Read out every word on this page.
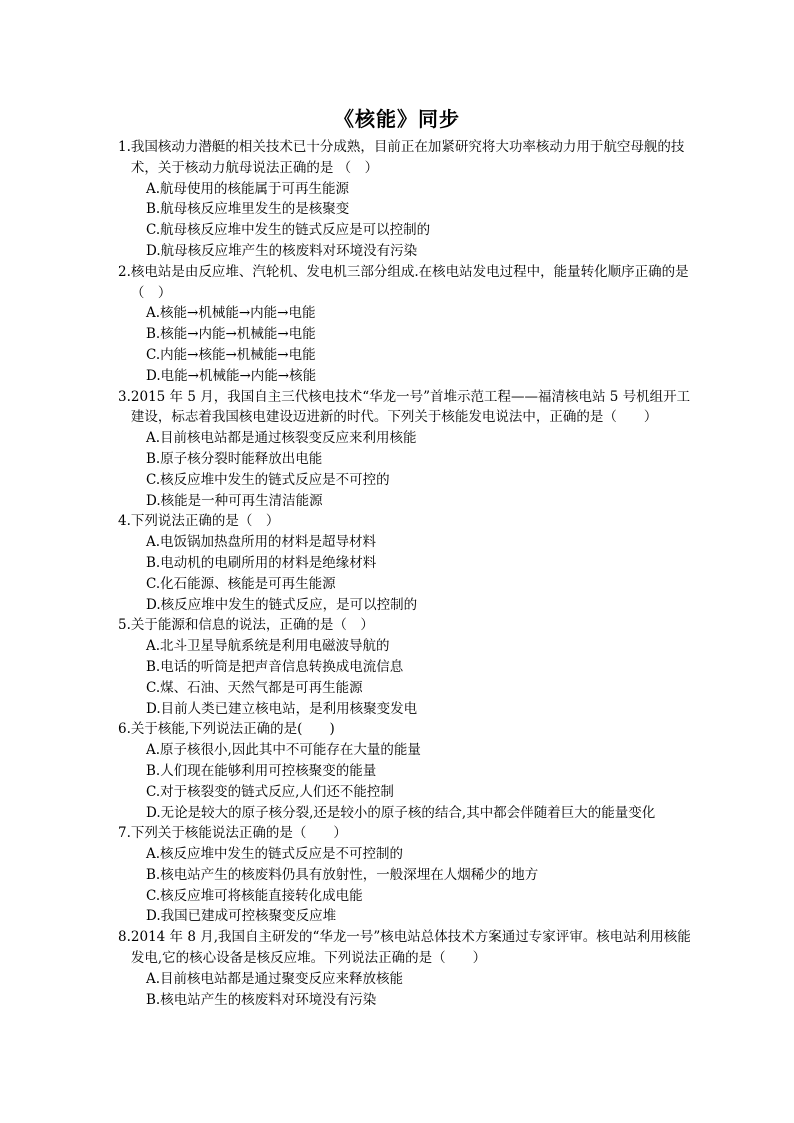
《核能》同步
1. 我国核动力潜艇的相关技术已十分成熟，目前正在加紧研究将大功率核动力用于航空母舰的技术，关于核动力航母说法正确的是 （　）
A.航母使用的核能属于可再生能源
B.航母核反应堆里发生的是核聚变
C.航母核反应堆中发生的链式反应是可以控制的
D.航母核反应堆产生的核废料对环境没有污染
2. 核电站是由反应堆、汽轮机、发电机三部分组成.在核电站发电过程中，能量转化顺序正确的是（　）
A.核能→机械能→内能→电能
B.核能→内能→机械能→电能
C.内能→核能→机械能→电能
D.电能→机械能→内能→核能
3. 2015 年 5 月，我国自主三代核电技术“华龙一号”首堆示范工程——福清核电站 5 号机组开工建设，标志着我国核电建设迈进新的时代。下列关于核能发电说法中，正确的是（　　）
A.目前核电站都是通过核裂变反应来利用核能
B.原子核分裂时能释放出电能
C.核反应堆中发生的链式反应是不可控的
D.核能是一种可再生清洁能源
4. 下列说法正确的是（　）
A.电饭锅加热盘所用的材料是超导材料
B.电动机的电刷所用的材料是绝缘材料
C.化石能源、核能是可再生能源
D.核反应堆中发生的链式反应，是可以控制的
5. 关于能源和信息的说法，正确的是（　）
A.北斗卫星导航系统是利用电磁波导航的
B.电话的听筒是把声音信息转换成电流信息
C.煤、石油、天然气都是可再生能源
D.目前人类已建立核电站，是利用核聚变发电
6. 关于核能,下列说法正确的是(　　)
A.原子核很小,因此其中不可能存在大量的能量
B.人们现在能够利用可控核聚变的能量
C.对于核裂变的链式反应,人们还不能控制
D.无论是较大的原子核分裂,还是较小的原子核的结合,其中都会伴随着巨大的能量变化
7. 下列关于核能说法正确的是（　　）
A.核反应堆中发生的链式反应是不可控制的
B.核电站产生的核废料仍具有放射性，一般深埋在人烟稀少的地方
C.核反应堆可将核能直接转化成电能
D.我国已建成可控核聚变反应堆
8. 2014 年 8 月,我国自主研发的“华龙一号”核电站总体技术方案通过专家评审。核电站利用核能发电,它的核心设备是核反应堆。下列说法正确的是（　　）
A.目前核电站都是通过聚变反应来释放核能
B.核电站产生的核废料对环境没有污染
